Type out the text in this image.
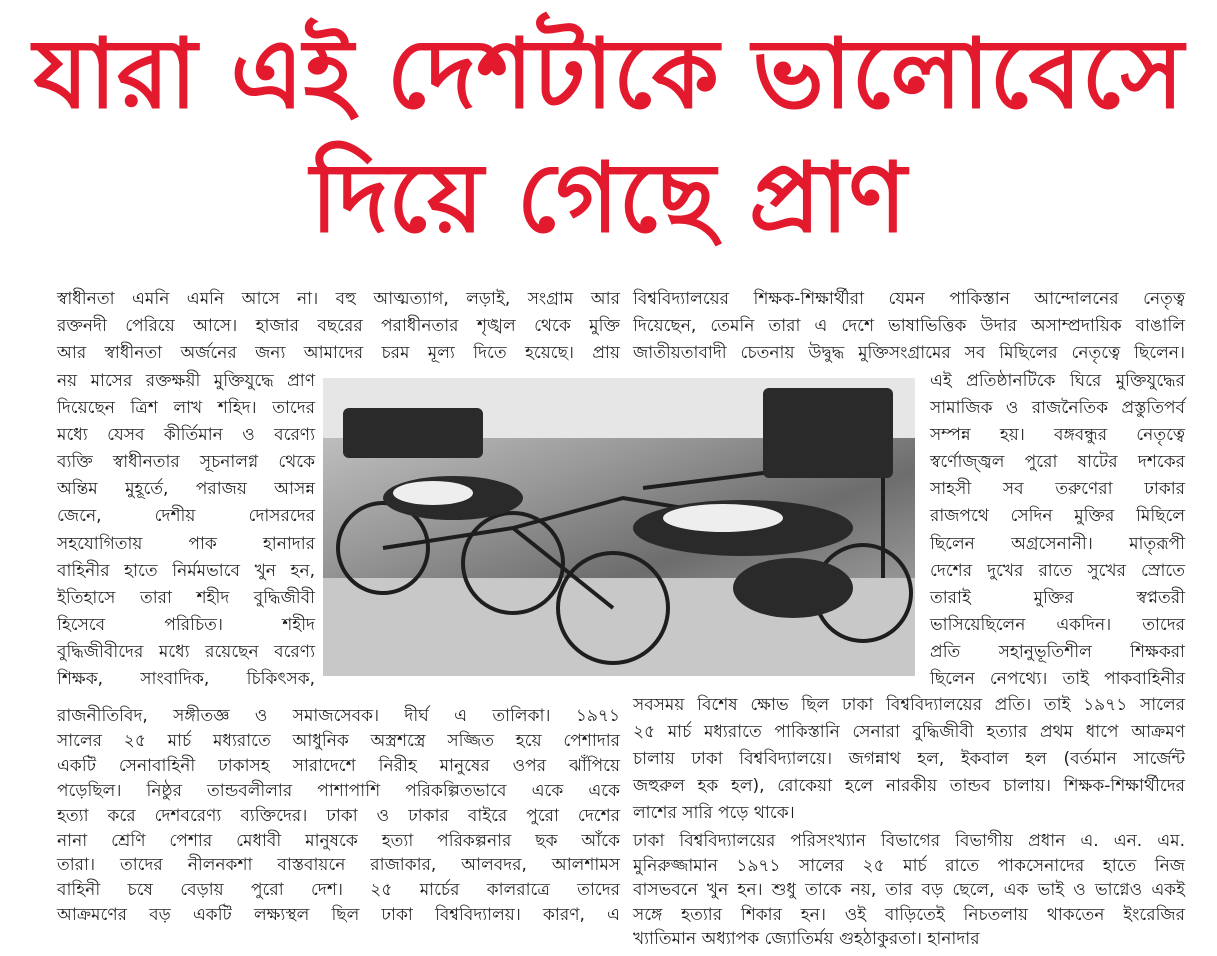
যারা এই দেশটাকে ভালোবেসে
দিয়ে গেছে প্রাণ
স্বাধীনতা এমনি এমনি আসে না। বহু আত্মত্যাগ, লড়াই, সংগ্রাম আর
রক্তনদী পেরিয়ে আসে। হাজার বছরের পরাধীনতার শৃঙ্খল থেকে মুক্তি
আর স্বাধীনতা অর্জনের জন্য আমাদের চরম মূল্য দিতে হয়েছে। প্রায়
নয় মাসের রক্তক্ষয়ী মুক্তিযুদ্ধে প্রাণ
দিয়েছেন ত্রিশ লাখ শহিদ। তাদের
মধ্যে যেসব কীর্তিমান ও বরেণ্য
ব্যক্তি স্বাধীনতার সূচনালগ্ন থেকে
অন্তিম মুহূর্তে, পরাজয় আসন্ন
জেনে, দেশীয় দোসরদের
সহযোগিতায় পাক হানাদার
বাহিনীর হাতে নির্মমভাবে খুন হন,
ইতিহাসে তারা শহীদ বুদ্ধিজীবী
হিসেবে পরিচিত। শহীদ
বুদ্ধিজীবীদের মধ্যে রয়েছেন বরেণ্য
শিক্ষক, সাংবাদিক, চিকিৎসক,
রাজনীতিবিদ, সঙ্গীতজ্ঞ ও সমাজসেবক। দীর্ঘ এ তালিকা। ১৯৭১
সালের ২৫ মার্চ মধ্যরাতে আধুনিক অস্ত্রশস্ত্রে সজ্জিত হয়ে পেশাদার
একটি সেনাবাহিনী ঢাকাসহ সারাদেশে নিরীহ মানুষের ওপর ঝাঁপিয়ে
পড়েছিল। নিষ্ঠুর তান্ডবলীলার পাশাপাশি পরিকল্পিতভাবে একে একে
হত্যা করে দেশবরেণ্য ব্যক্তিদের। ঢাকা ও ঢাকার বাইরে পুরো দেশের
নানা শ্রেণি পেশার মেধাবী মানুষকে হত্যা পরিকল্পনার ছক আঁকে
তারা। তাদের নীলনকশা বাস্তবায়নে রাজাকার, আলবদর, আলশামস
বাহিনী চষে বেড়ায় পুরো দেশ। ২৫ মার্চের কালরাত্রে তাদের
আক্রমণের বড় একটি লক্ষ্যস্থল ছিল ঢাকা বিশ্ববিদ্যালয়। কারণ, এ
বিশ্ববিদ্যালয়ের শিক্ষক-শিক্ষার্থীরা যেমন পাকিস্তান আন্দোলনের নেতৃত্ব
দিয়েছেন, তেমনি তারা এ দেশে ভাষাভিত্তিক উদার অসাম্প্রদায়িক বাঙালি
জাতীয়তাবাদী চেতনায় উদ্বুদ্ধ মুক্তিসংগ্রামের সব মিছিলের নেতৃত্বে ছিলেন।
এই প্রতিষ্ঠানটিকে ঘিরে মুক্তিযুদ্ধের
সামাজিক ও রাজনৈতিক প্রস্তুতিপর্ব
সম্পন্ন হয়। বঙ্গবন্ধুর নেতৃত্বে
স্বর্ণোজ্জ্বল পুরো ষাটের দশকের
সাহসী সব তরুণেরা ঢাকার
রাজপথে সেদিন মুক্তির মিছিলে
ছিলেন অগ্রসেনানী। মাতৃরূপী
দেশের দুখের রাতে সুখের স্রোতে
তারাই মুক্তির স্বপ্নতরী
ভাসিয়েছিলেন একদিন। তাদের
প্রতি সহানুভূতিশীল শিক্ষকরা
ছিলেন নেপথ্যে। তাই পাকবাহিনীর
সবসময় বিশেষ ক্ষোভ ছিল ঢাকা বিশ্ববিদ্যালয়ের প্রতি। তাই ১৯৭১ সালের
২৫ মার্চ মধ্যরাতে পাকিস্তানি সেনারা বুদ্ধিজীবী হত্যার প্রথম ধাপে আক্রমণ
চালায় ঢাকা বিশ্ববিদ্যালয়ে। জগন্নাথ হল, ইকবাল হল (বর্তমান সার্জেন্ট
জহুরুল হক হল), রোকেয়া হলে নারকীয় তান্ডব চালায়। শিক্ষক-শিক্ষার্থীদের
লাশের সারি পড়ে থাকে।
ঢাকা বিশ্ববিদ্যালয়ের পরিসংখ্যান বিভাগের বিভাগীয় প্রধান এ. এন. এম.
মুনিরুজ্জামান ১৯৭১ সালের ২৫ মার্চ রাতে পাকসেনাদের হাতে নিজ
বাসভবনে খুন হন। শুধু তাকে নয়, তার বড় ছেলে, এক ভাই ও ভাগ্নেও একই
সঙ্গে হত্যার শিকার হন। ওই বাড়িতেই নিচতলায় থাকতেন ইংরেজির
খ্যাতিমান অধ্যাপক জ্যোতির্ময় গুহঠাকুরতা। হানাদার
